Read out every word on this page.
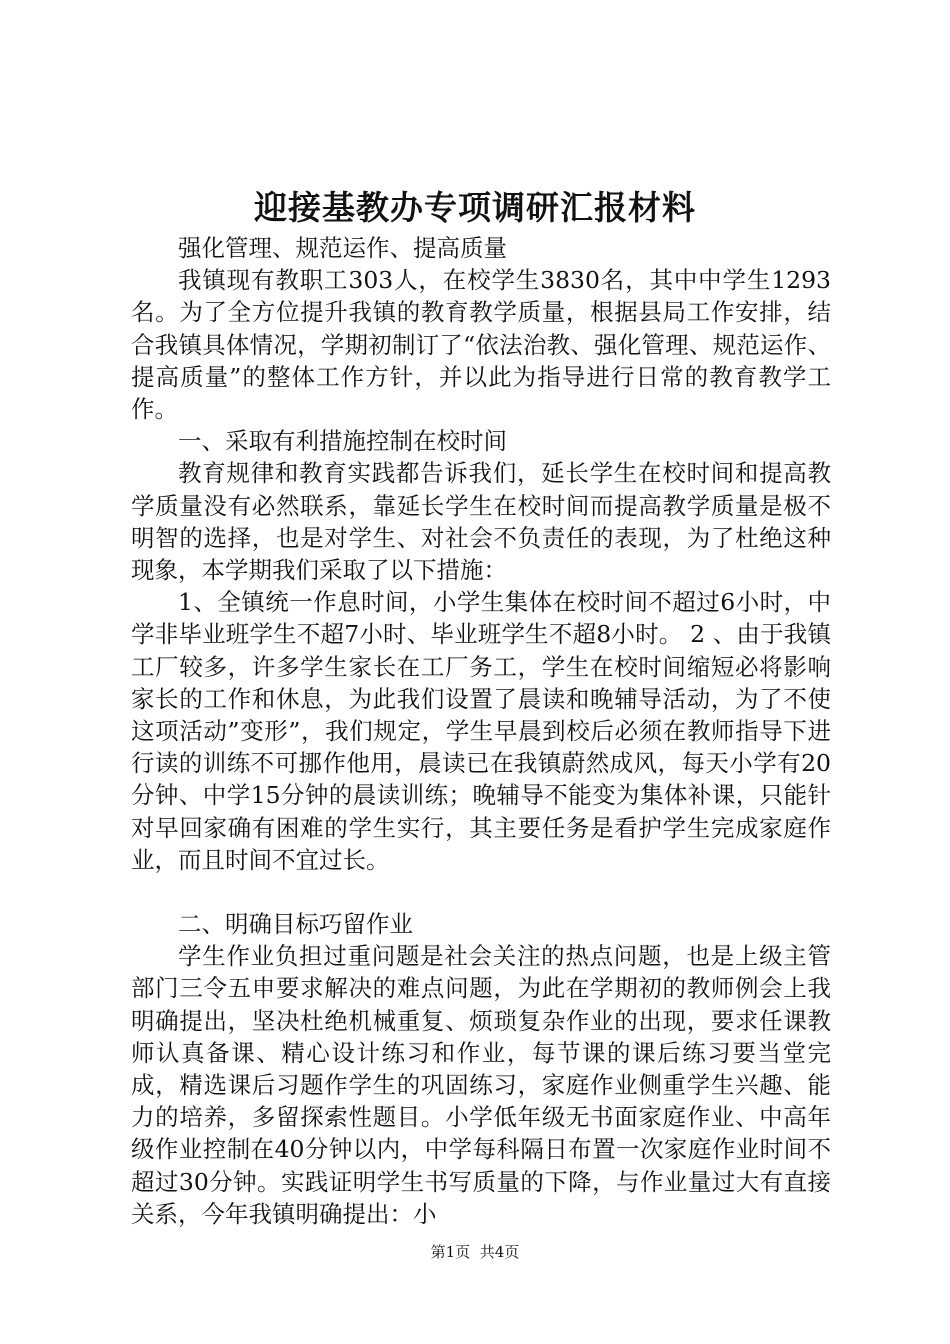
迎接基教办专项调研汇报材料

强化管理、规范运作、提高质量

我镇现有教职工303人，在校学生3830名，其中中学生1293名。为了全方位提升我镇的教育教学质量，根据县局工作安排，结合我镇具体情况，学期初制订了“依法治教、强化管理、规范运作、提高质量”的整体工作方针，并以此为指导进行日常的教育教学工作。

一、采取有利措施控制在校时间

教育规律和教育实践都告诉我们，延长学生在校时间和提高教学质量没有必然联系，靠延长学生在校时间而提高教学质量是极不明智的选择，也是对学生、对社会不负责任的表现，为了杜绝这种现象，本学期我们采取了以下措施：

1、全镇统一作息时间，小学生集体在校时间不超过6小时，中学非毕业班学生不超7小时、毕业班学生不超8小时。 2 、由于我镇工厂较多，许多学生家长在工厂务工，学生在校时间缩短必将影响家长的工作和休息，为此我们设置了晨读和晚辅导活动，为了不使这项活动”变形”，我们规定，学生早晨到校后必须在教师指导下进行读的训练不可挪作他用，晨读已在我镇蔚然成风，每天小学有20分钟、中学15分钟的晨读训练；晚辅导不能变为集体补课，只能针对早回家确有困难的学生实行，其主要任务是看护学生完成家庭作业，而且时间不宜过长。

二、明确目标巧留作业

学生作业负担过重问题是社会关注的热点问题，也是上级主管部门三令五申要求解决的难点问题，为此在学期初的教师例会上我明确提出，坚决杜绝机械重复、烦琐复杂作业的出现，要求任课教师认真备课、精心设计练习和作业，每节课的课后练习要当堂完成，精选课后习题作学生的巩固练习，家庭作业侧重学生兴趣、能力的培养，多留探索性题目。小学低年级无书面家庭作业、中高年级作业控制在40分钟以内，中学每科隔日布置一次家庭作业时间不超过30分钟。实践证明学生书写质量的下降，与作业量过大有直接关系，今年我镇明确提出：小

第1页 共4页
